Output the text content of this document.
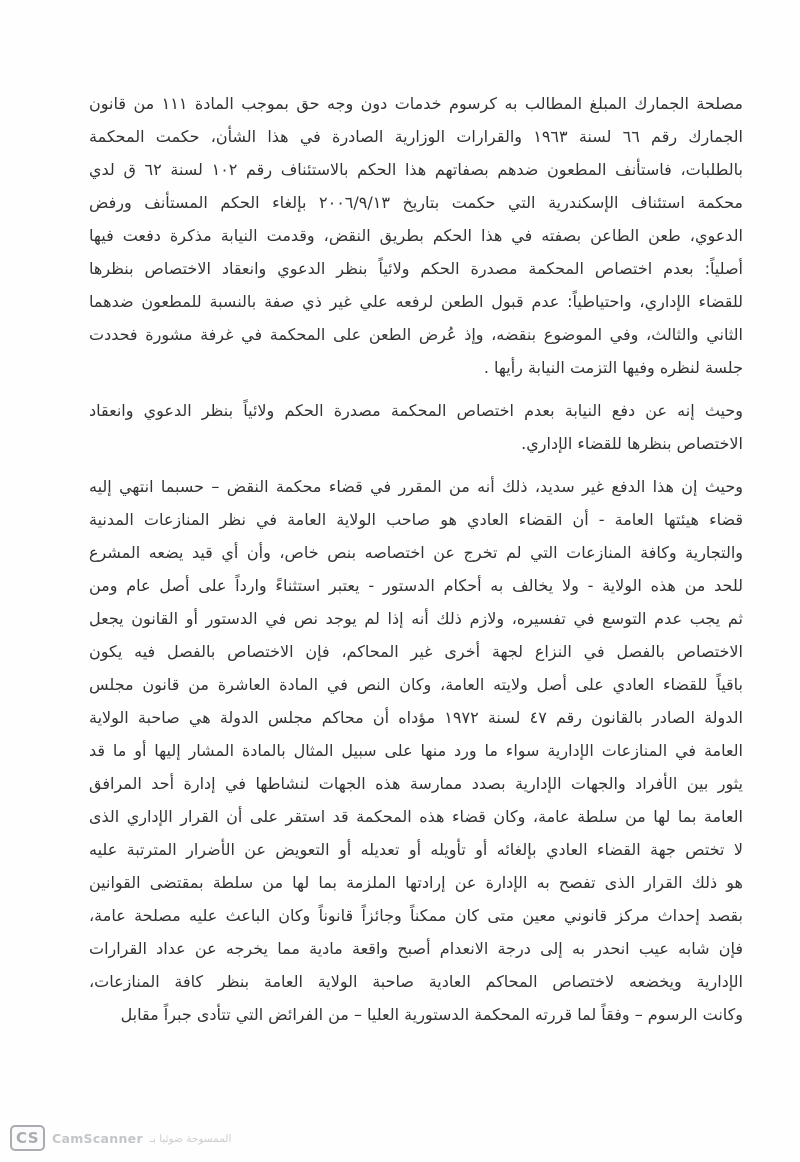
مصلحة الجمارك المبلغ المطالب به كرسوم خدمات دون وجه حق بموجب المادة ١١١ من قانون
الجمارك رقم ٦٦ لسنة ١٩٦٣ والقرارات الوزارية الصادرة في هذا الشأن، حكمت المحكمة
بالطلبات، فاستأنف المطعون ضدهم بصفاتهم هذا الحكم بالاستئناف رقم ١٠٢ لسنة ٦٢ ق لدي
محكمة استئناف الإسكندرية التي حكمت بتاريخ ٢٠٠٦/٩/١٣ بإلغاء الحكم المستأنف ورفض
الدعوي، طعن الطاعن بصفته في هذا الحكم بطريق النقض، وقدمت النيابة مذكرة دفعت فيها
أصلياً: بعدم اختصاص المحكمة مصدرة الحكم ولائياً بنظر الدعوي وانعقاد الاختصاص بنظرها
للقضاء الإداري، واحتياطياً: عدم قبول الطعن لرفعه علي غير ذي صفة بالنسبة للمطعون ضدهما
الثاني والثالث، وفي الموضوع بنقضه، وإذ عُرض الطعن على المحكمة في غرفة مشورة فحددت
جلسة لنظره وفيها التزمت النيابة رأيها .
وحيث إنه عن دفع النيابة بعدم اختصاص المحكمة مصدرة الحكم ولائياً بنظر الدعوي وانعقاد
الاختصاص بنظرها للقضاء الإداري.
وحيث إن هذا الدفع غير سديد، ذلك أنه من المقرر في قضاء محكمة النقض – حسبما انتهي إليه
قضاء هيئتها العامة - أن القضاء العادي هو صاحب الولاية العامة في نظر المنازعات المدنية
والتجارية وكافة المنازعات التي لم تخرج عن اختصاصه بنص خاص، وأن أي قيد يضعه المشرع
للحد من هذه الولاية - ولا يخالف به أحكام الدستور - يعتبر استثناءً وارداً على أصل عام ومن
ثم يجب عدم التوسع في تفسيره، ولازم ذلك أنه إذا لم يوجد نص في الدستور أو القانون يجعل
الاختصاص بالفصل في النزاع لجهة أخرى غير المحاكم، فإن الاختصاص بالفصل فيه يكون
باقياً للقضاء العادي على أصل ولايته العامة، وكان النص في المادة العاشرة من قانون مجلس
الدولة الصادر بالقانون رقم ٤٧ لسنة ١٩٧٢ مؤداه أن محاكم مجلس الدولة هي صاحبة الولاية
العامة في المنازعات الإدارية سواء ما ورد منها على سبيل المثال بالمادة المشار إليها أو ما قد
يثور بين الأفراد والجهات الإدارية بصدد ممارسة هذه الجهات لنشاطها في إدارة أحد المرافق
العامة بما لها من سلطة عامة، وكان قضاء هذه المحكمة قد استقر على أن القرار الإداري الذى
لا تختص جهة القضاء العادي بإلغائه أو تأويله أو تعديله أو التعويض عن الأضرار المترتبة عليه
هو ذلك القرار الذى تفصح به الإدارة عن إرادتها الملزمة بما لها من سلطة بمقتضى القوانين
بقصد إحداث مركز قانوني معين متى كان ممكناً وجائزاً قانوناً وكان الباعث عليه مصلحة عامة،
فإن شابه عيب انحدر به إلى درجة الانعدام أصبح واقعة مادية مما يخرجه عن عداد القرارات
الإدارية ويخضعه لاختصاص المحاكم العادية صاحبة الولاية العامة بنظر كافة المنازعات،
وكانت الرسوم – وفقاً لما قررته المحكمة الدستورية العليا – من الفرائض التي تتأدى جبراً مقابل
CS	CamScanner الممسوحة ضوئيا بـ
